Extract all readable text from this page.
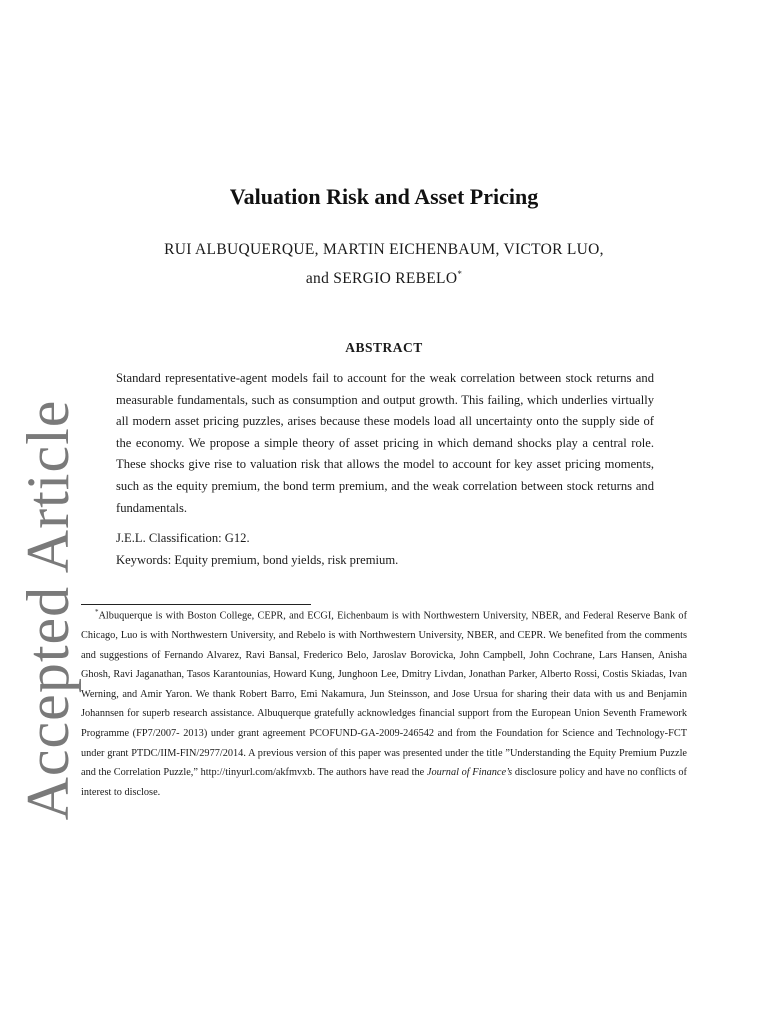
Accepted Article
Valuation Risk and Asset Pricing
RUI ALBUQUERQUE, MARTIN EICHENBAUM, VICTOR LUO,
and SERGIO REBELO*
ABSTRACT
Standard representative-agent models fail to account for the weak correlation between stock returns and measurable fundamentals, such as consumption and output growth. This failing, which underlies virtually all modern asset pricing puzzles, arises because these models load all uncertainty onto the supply side of the economy. We propose a simple theory of asset pricing in which demand shocks play a central role. These shocks give rise to valuation risk that allows the model to account for key asset pricing moments, such as the equity premium, the bond term premium, and the weak correlation between stock returns and fundamentals.
J.E.L. Classification: G12.
Keywords: Equity premium, bond yields, risk premium.
*Albuquerque is with Boston College, CEPR, and ECGI, Eichenbaum is with Northwestern University, NBER, and Federal Reserve Bank of Chicago, Luo is with Northwestern University, and Rebelo is with Northwestern University, NBER, and CEPR. We benefited from the comments and suggestions of Fernando Alvarez, Ravi Bansal, Frederico Belo, Jaroslav Borovicka, John Campbell, John Cochrane, Lars Hansen, Anisha Ghosh, Ravi Jaganathan, Tasos Karantounias, Howard Kung, Junghoon Lee, Dmitry Livdan, Jonathan Parker, Alberto Rossi, Costis Skiadas, Ivan Werning, and Amir Yaron. We thank Robert Barro, Emi Nakamura, Jun Steinsson, and Jose Ursua for sharing their data with us and Benjamin Johannsen for superb research assistance. Albuquerque gratefully acknowledges financial support from the European Union Seventh Framework Programme (FP7/2007- 2013) under grant agreement PCOFUND-GA-2009-246542 and from the Foundation for Science and Technology-FCT under grant PTDC/IIM-FIN/2977/2014. A previous version of this paper was presented under the title ”Understanding the Equity Premium Puzzle and the Correlation Puzzle,” http://tinyurl.com/akfmvxb. The authors have read the Journal of Finance’s disclosure policy and have no conflicts of interest to disclose.
